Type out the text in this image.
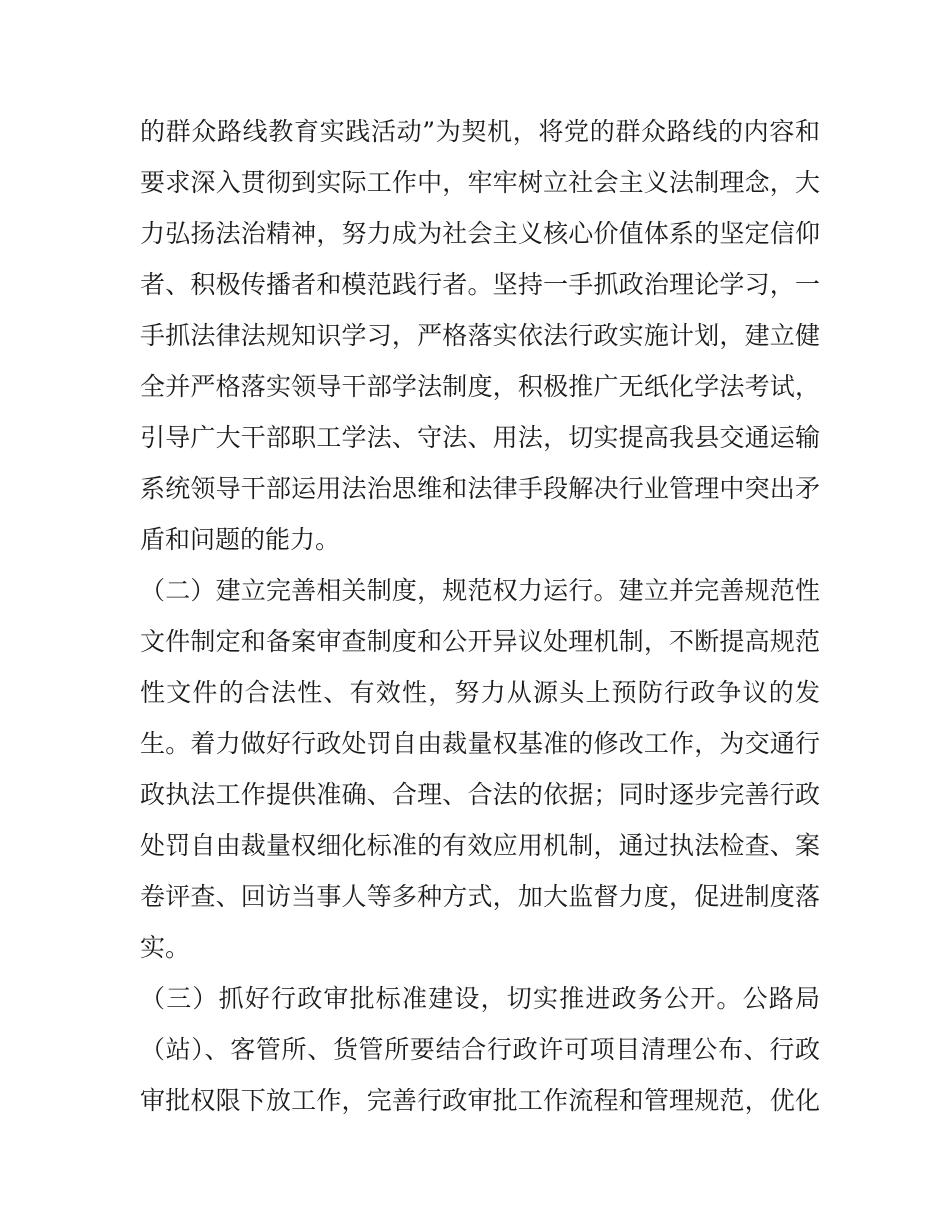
的群众路线教育实践活动”为契机，将党的群众路线的内容和
要求深入贯彻到实际工作中，牢牢树立社会主义法制理念，大
力弘扬法治精神，努力成为社会主义核心价值体系的坚定信仰
者、积极传播者和模范践行者。坚持一手抓政治理论学习，一
手抓法律法规知识学习，严格落实依法行政实施计划，建立健
全并严格落实领导干部学法制度，积极推广无纸化学法考试，
引导广大干部职工学法、守法、用法，切实提高我县交通运输
系统领导干部运用法治思维和法律手段解决行业管理中突出矛
盾和问题的能力。
（二）建立完善相关制度，规范权力运行。建立并完善规范性
文件制定和备案审查制度和公开异议处理机制，不断提高规范
性文件的合法性、有效性，努力从源头上预防行政争议的发
生。着力做好行政处罚自由裁量权基准的修改工作，为交通行
政执法工作提供准确、合理、合法的依据；同时逐步完善行政
处罚自由裁量权细化标准的有效应用机制，通过执法检查、案
卷评查、回访当事人等多种方式，加大监督力度，促进制度落
实。
（三）抓好行政审批标准建设，切实推进政务公开。公路局
（站）、客管所、货管所要结合行政许可项目清理公布、行政
审批权限下放工作，完善行政审批工作流程和管理规范，优化
